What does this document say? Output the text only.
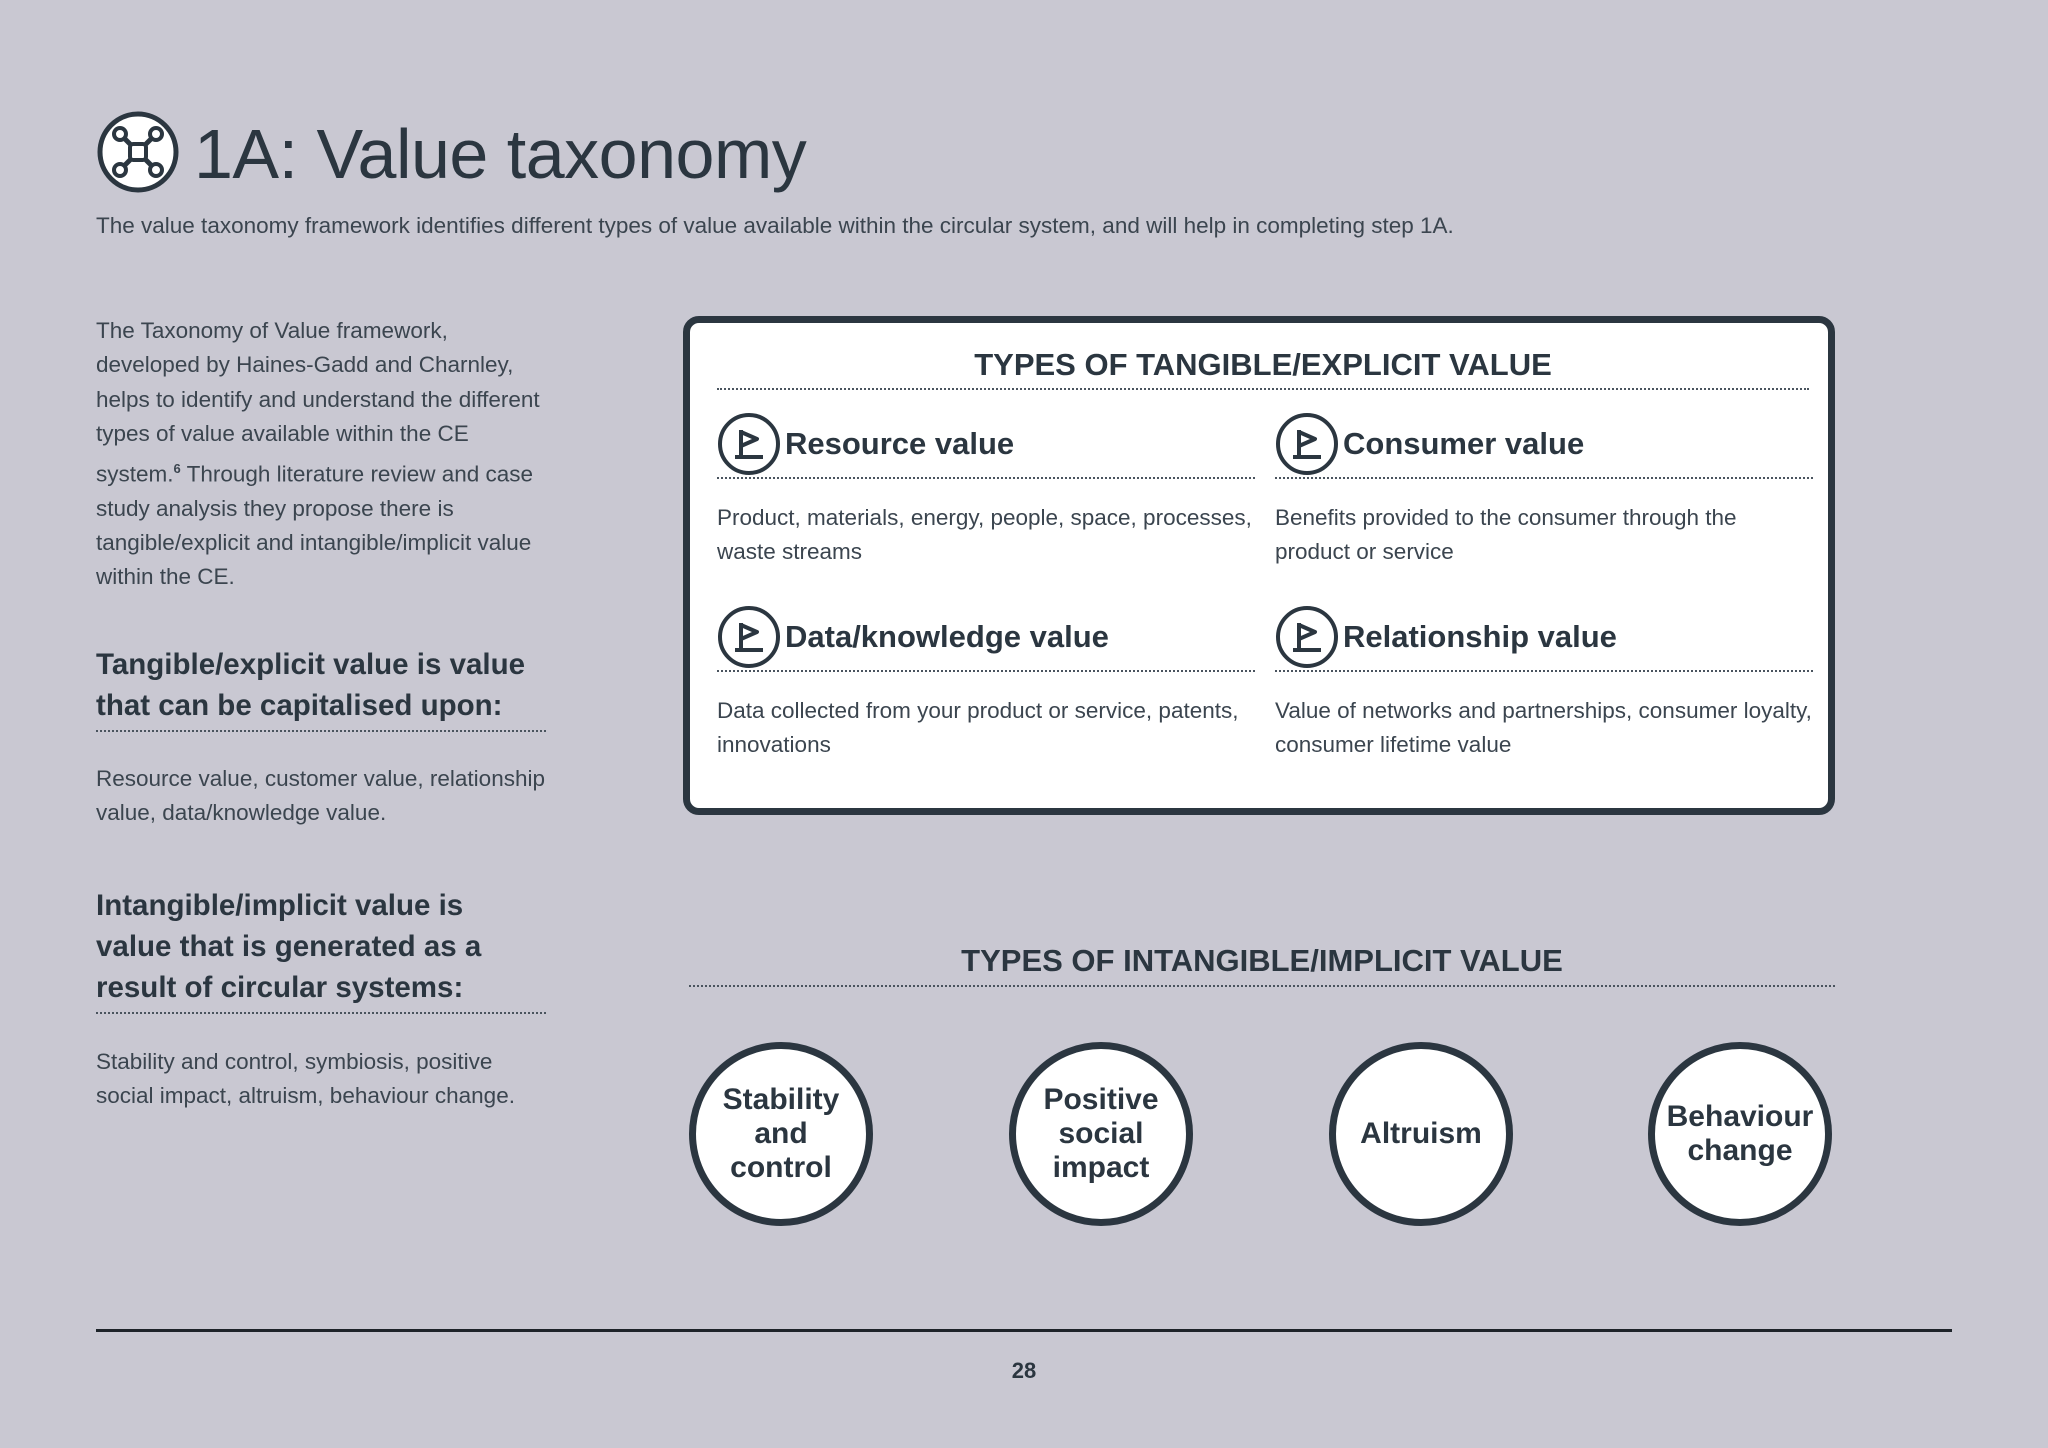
1A: Value taxonomy

The value taxonomy framework identifies different types of value available within the circular system, and will help in completing step 1A.

The Taxonomy of Value framework, developed by Haines-Gadd and Charnley, helps to identify and understand the different types of value available within the CE system.$^6$ Through literature review and case study analysis they propose there is tangible/explicit and intangible/implicit value within the CE.

Tangible/explicit value is value that can be capitalised upon:

Resource value, customer value, relationship value, data/knowledge value.

Intangible/implicit value is value that is generated as a result of circular systems:

Stability and control, symbiosis, positive social impact, altruism, behaviour change.

TYPES OF TANGIBLE/EXPLICIT VALUE
Resource value

Product, materials, energy, people, space, processes, waste streams

Consumer value

Benefits provided to the consumer through the product or service

Data/knowledge value

Data collected from your product or service, patents, innovations

Relationship value

Value of networks and partnerships, consumer loyalty, consumer lifetime value

TYPES OF INTANGIBLE/IMPLICIT VALUE
Stability
and
control
Positive
social
impact
Altruism
Behaviour
change

28
